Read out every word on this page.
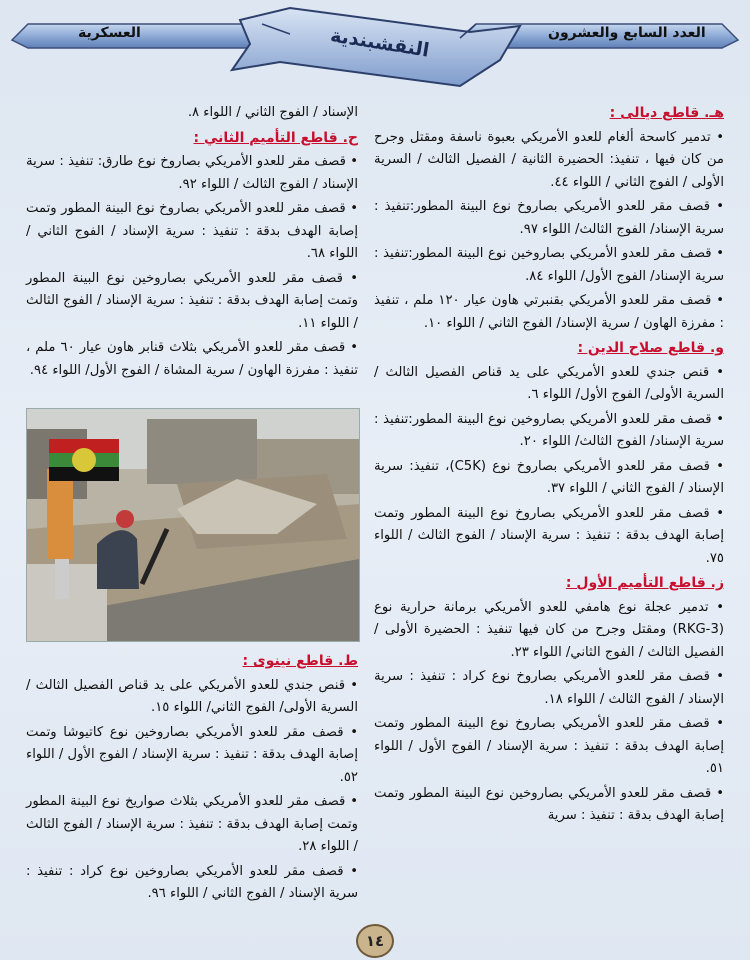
العسكرية	العدد السابع والعشرون
النقشبندية

هـ. قاطع ديالى :

• تدمير كاسحة ألغام للعدو الأمريكي بعبوة ناسفة ومقتل وجرح من كان فيها ، تنفيذ: الحضيرة الثانية / الفصيل الثالث / السرية الأولى / الفوج الثاني / اللواء ٤٤.

• قصف مقر للعدو الأمريكي بصاروخ نوع البينة المطور:تنفيذ : سرية الإسناد/ الفوج الثالث/ اللواء ٩٧.

• قصف مقر للعدو الأمريكي بصاروخين نوع البينة المطور:تنفيذ : سرية الإسناد/ الفوج الأول/ اللواء ٨٤.

• قصف مقر للعدو الأمريكي بقنبرتي هاون عيار ١٢٠ ملم ، تنفيذ : مفرزة الهاون / سرية الإسناد/ الفوج الثاني / اللواء ١٠.

و. قاطع صلاح الدين :

• قنص جندي للعدو الأمريكي على يد قناص الفصيل الثالث / السرية الأولى/ الفوج الأول/ اللواء ٦.

• قصف مقر للعدو الأمريكي بصاروخين نوع البينة المطور:تنفيذ : سرية الإسناد/ الفوج الثالث/ اللواء ٢٠.

• قصف مقر للعدو الأمريكي بصاروخ نوع (C5K)، تنفيذ: سرية الإسناد / الفوج الثاني / اللواء ٣٧.

• قصف مقر للعدو الأمريكي بصاروخ نوع البينة المطور وتمت إصابة الهدف بدقة : تنفيذ : سرية الإسناد / الفوج الثالث / اللواء ٧٥.

ز. قاطع التأميم الأول :

• تدمير عجلة نوع هامفي للعدو الأمريكي برمانة حرارية نوع (RKG-3) ومقتل وجرح من كان فيها تنفيذ : الحضيرة الأولى / الفصيل الثالث / الفوج الثاني/ اللواء ٢٣.

• قصف مقر للعدو الأمريكي بصاروخ نوع كراد : تنفيذ : سرية الإسناد / الفوج الثالث / اللواء ١٨.

• قصف مقر للعدو الأمريكي بصاروخ نوع البينة المطور وتمت إصابة الهدف بدقة : تنفيذ : سرية الإسناد / الفوج الأول / اللواء ٥١.

• قصف مقر للعدو الأمريكي بصاروخين نوع البينة المطور وتمت إصابة الهدف بدقة : تنفيذ : سرية

الإسناد / الفوج الثاني / اللواء ٨.

ح. قاطع التأميم الثاني :

• قصف مقر للعدو الأمريكي بصاروخ نوع طارق: تنفيذ : سرية الإسناد / الفوج الثالث / اللواء ٩٢.

• قصف مقر للعدو الأمريكي بصاروخ نوع البينة المطور وتمت إصابة الهدف بدقة : تنفيذ : سرية الإسناد / الفوج الثاني / اللواء ٦٨.

• قصف مقر للعدو الأمريكي بصاروخين نوع البينة المطور وتمت إصابة الهدف بدقة : تنفيذ : سرية الإسناد / الفوج الثالث / اللواء ١١.

• قصف مقر للعدو الأمريكي بثلاث قنابر هاون عيار ٦٠ ملم ، تنفيذ : مفرزة الهاون / سرية المشاة / الفوج الأول/ اللواء ٩٤.

ط. قاطع نينوى :

• قنص جندي للعدو الأمريكي على يد قناص الفصيل الثالث / السرية الأولى/ الفوج الثاني/ اللواء ١٥.

• قصف مقر للعدو الأمريكي بصاروخين نوع كاتيوشا وتمت إصابة الهدف بدقة : تنفيذ : سرية الإسناد / الفوج الأول / اللواء ٥٢.

• قصف مقر للعدو الأمريكي بثلاث صواريخ نوع البينة المطور وتمت إصابة الهدف بدقة : تنفيذ : سرية الإسناد / الفوج الثالث / اللواء ٢٨.

• قصف مقر للعدو الأمريكي بصاروخين نوع كراد : تنفيذ : سرية الإسناد / الفوج الثاني / اللواء ٩٦.

١٤
